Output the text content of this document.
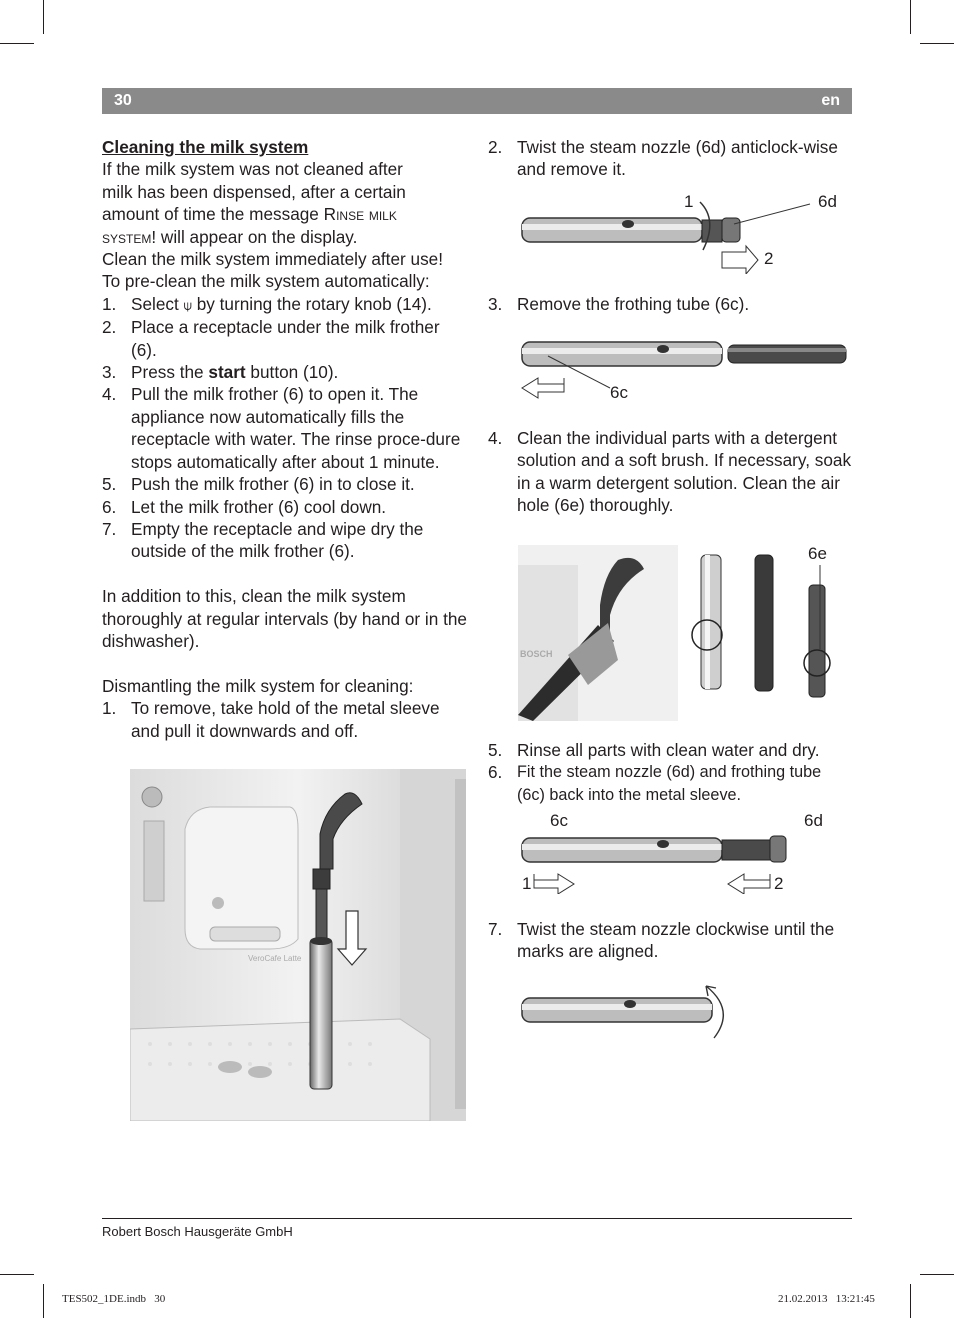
30	en
Cleaning the milk system
If the milk system was not cleaned after
milk has been dispensed, after a certain
amount of time the message Rinse milk
system! will appear on the display.
Clean the milk system immediately after use!
To pre-clean the milk system automatically:
1. Select ⍦ by turning the rotary knob (14).
2. Place a receptacle under the milk frother (6).
3. Press the start button (10).
4. Pull the milk frother (6) to open it. The appliance now automatically fills the receptacle with water. The rinse proce-dure stops automatically after about 1 minute.
5. Push the milk frother (6) in to close it.
6. Let the milk frother (6) cool down.
7. Empty the receptacle and wipe dry the outside of the milk frother (6).
In addition to this, clean the milk system thoroughly at regular intervals (by hand or in the dishwasher).
Dismantling the milk system for cleaning:
1. To remove, take hold of the metal sleeve and pull it downwards and off.
VeroCafe Latte
2. Twist the steam nozzle (6d) anticlock-wise and remove it.
1
2
6d
3. Remove the frothing tube (6c).
6c
4. Clean the individual parts with a detergent solution and a soft brush. If necessary, soak in a warm detergent solution. Clean the air hole (6e) thoroughly.
BOSCH
6e
5. Rinse all parts with clean water and dry.
6. Fit the steam nozzle (6d) and frothing tube (6c) back into the metal sleeve.
6c	6d
1	2
7. Twist the steam nozzle clockwise until the marks are aligned.
Robert Bosch Hausgeräte GmbH
TES502_1DE.indb   30	21.02.2013   13:21:45
